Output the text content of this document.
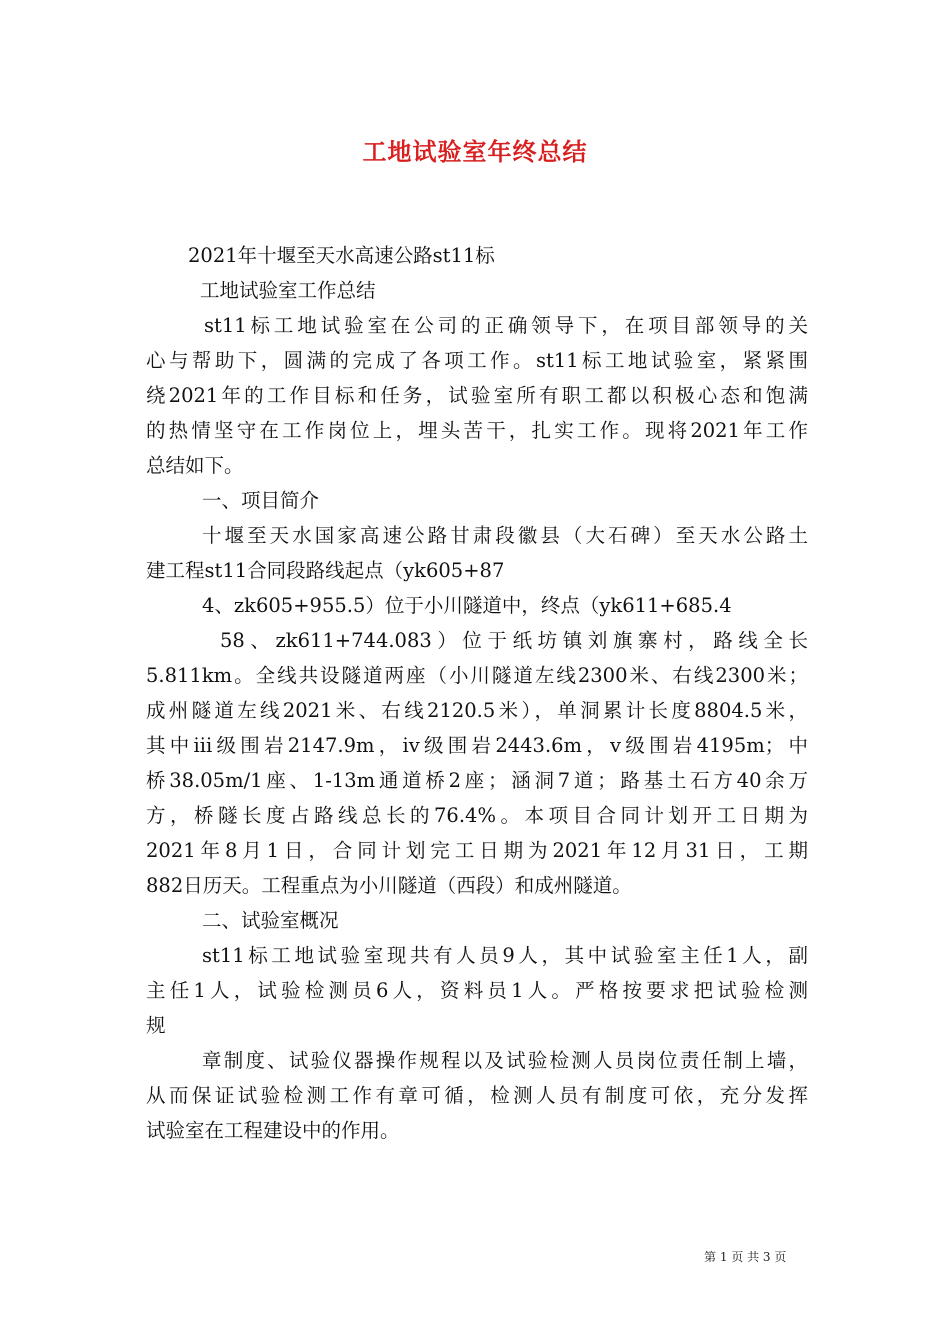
工地试验室年终总结
2021年十堰至天水高速公路st11标
工地试验室工作总结
st11标工地试验室在公司的正确领导下，在项目部领导的关
心与帮助下，圆满的完成了各项工作。st11标工地试验室，紧紧围
绕2021年的工作目标和任务，试验室所有职工都以积极心态和饱满
的热情坚守在工作岗位上，埋头苦干，扎实工作。现将2021年工作
总结如下。
一、项目简介
十堰至天水国家高速公路甘肃段徽县（大石碑）至天水公路土
建工程st11合同段路线起点（yk605+87
4、zk605+955.5）位于小川隧道中，终点（yk611+685.4
58、zk611+744.083）位于纸坊镇刘旗寨村，路线全长
5.811km。全线共设隧道两座（小川隧道左线2300米、右线2300米；
成州隧道左线2021米、右线2120.5米），单洞累计长度8804.5米，
其中iii级围岩2147.9m，iv级围岩2443.6m，v级围岩4195m；中
桥38.05m/1座、1-13m通道桥2座；涵洞7道；路基土石方40余万
方，桥隧长度占路线总长的76.4%。本项目合同计划开工日期为
2021年8月1日，合同计划完工日期为2021年12月31日，工期
882日历天。工程重点为小川隧道（西段）和成州隧道。
二、试验室概况
st11标工地试验室现共有人员9人，其中试验室主任1人，副
主任1人，试验检测员6人，资料员1人。严格按要求把试验检测
规
章制度、试验仪器操作规程以及试验检测人员岗位责任制上墙，
从而保证试验检测工作有章可循，检测人员有制度可依，充分发挥
试验室在工程建设中的作用。
第 1 页 共 3 页
